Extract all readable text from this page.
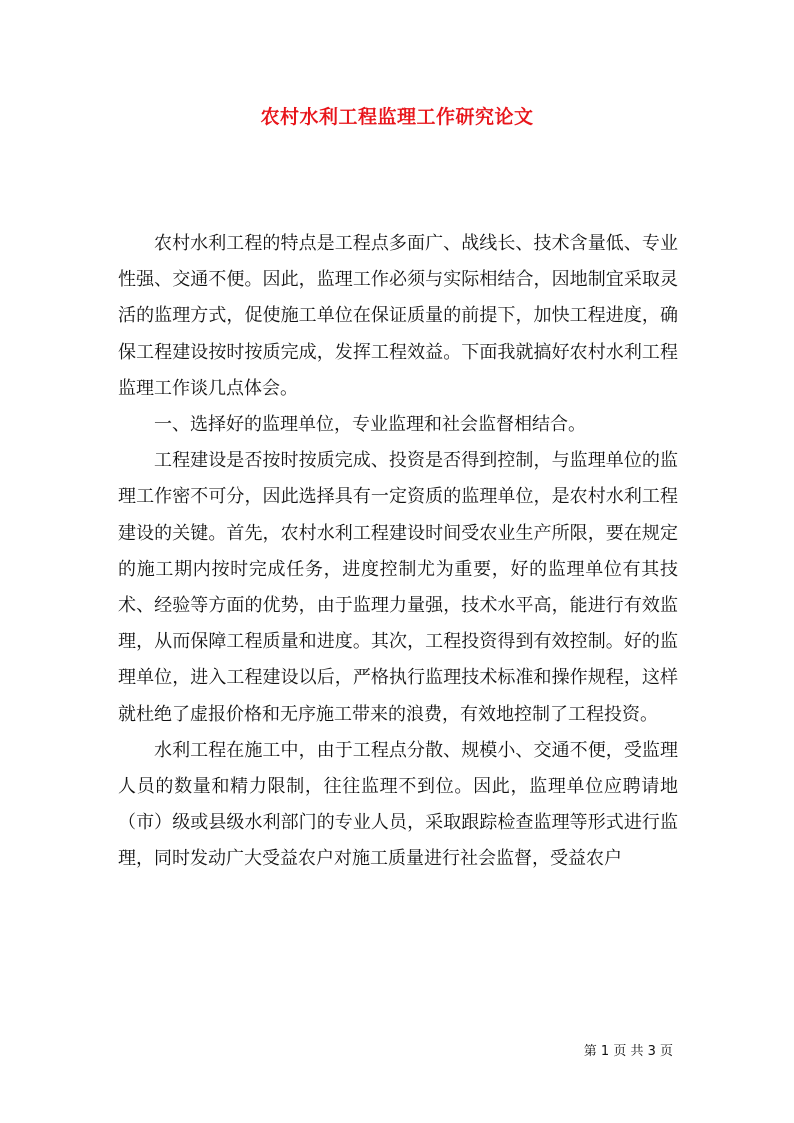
农村水利工程监理工作研究论文

农村水利工程的特点是工程点多面广、战线长、技术含量低、专业性强、交通不便。因此，监理工作必须与实际相结合，因地制宜采取灵活的监理方式，促使施工单位在保证质量的前提下，加快工程进度，确保工程建设按时按质完成，发挥工程效益。下面我就搞好农村水利工程监理工作谈几点体会。

一、选择好的监理单位，专业监理和社会监督相结合。

工程建设是否按时按质完成、投资是否得到控制，与监理单位的监理工作密不可分，因此选择具有一定资质的监理单位，是农村水利工程建设的关键。首先，农村水利工程建设时间受农业生产所限，要在规定的施工期内按时完成任务，进度控制尤为重要，好的监理单位有其技术、经验等方面的优势，由于监理力量强，技术水平高，能进行有效监理，从而保障工程质量和进度。其次，工程投资得到有效控制。好的监理单位，进入工程建设以后，严格执行监理技术标准和操作规程，这样就杜绝了虚报价格和无序施工带来的浪费，有效地控制了工程投资。

水利工程在施工中，由于工程点分散、规模小、交通不便，受监理人员的数量和精力限制，往往监理不到位。因此，监理单位应聘请地（市）级或县级水利部门的专业人员，采取跟踪检查监理等形式进行监理，同时发动广大受益农户对施工质量进行社会监督，受益农户

第 1 页 共 3 页
